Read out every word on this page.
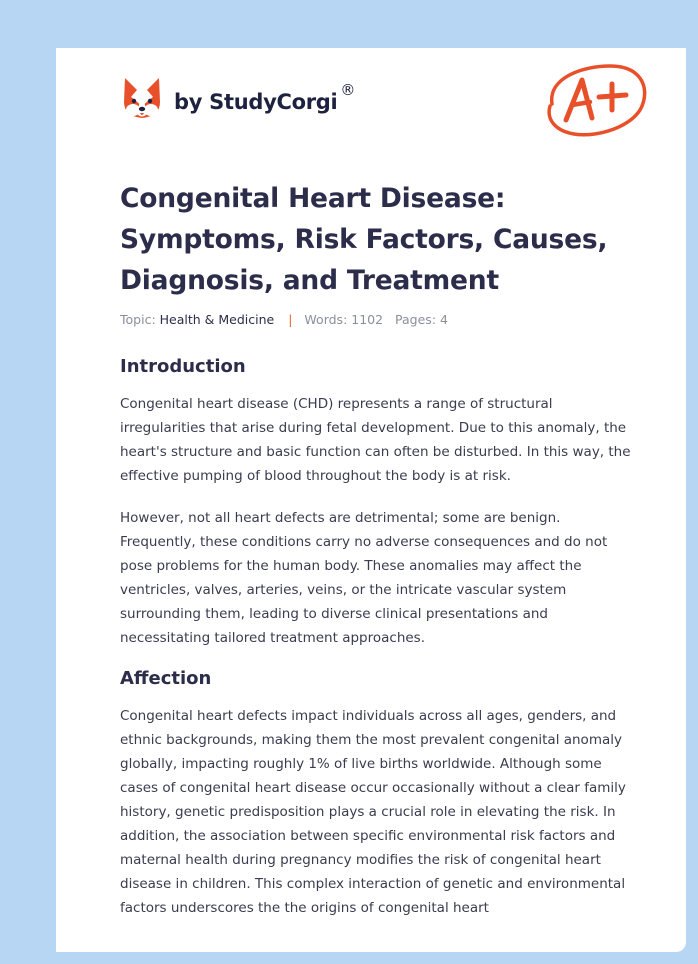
by StudyCorgi ®
Congenital Heart Disease: Symptoms, Risk Factors, Causes, Diagnosis, and Treatment
Topic: Health & Medicine | Words: 1102 Pages: 4
Introduction

Congenital heart disease (CHD) represents a range of structural irregularities that arise during fetal development. Due to this anomaly, the heart's structure and basic function can often be disturbed. In this way, the effective pumping of blood throughout the body is at risk.

However, not all heart defects are detrimental; some are benign. Frequently, these conditions carry no adverse consequences and do not pose problems for the human body. These anomalies may affect the ventricles, valves, arteries, veins, or the intricate vascular system surrounding them, leading to diverse clinical presentations and necessitating tailored treatment approaches.

Affection

Congenital heart defects impact individuals across all ages, genders, and ethnic backgrounds, making them the most prevalent congenital anomaly globally, impacting roughly 1% of live births worldwide. Although some cases of congenital heart disease occur occasionally without a clear family history, genetic predisposition plays a crucial role in elevating the risk. In addition, the association between specific environmental risk factors and maternal health during pregnancy modifies the risk of congenital heart disease in children. This complex interaction of genetic and environmental factors underscores the the origins of congenital heart
